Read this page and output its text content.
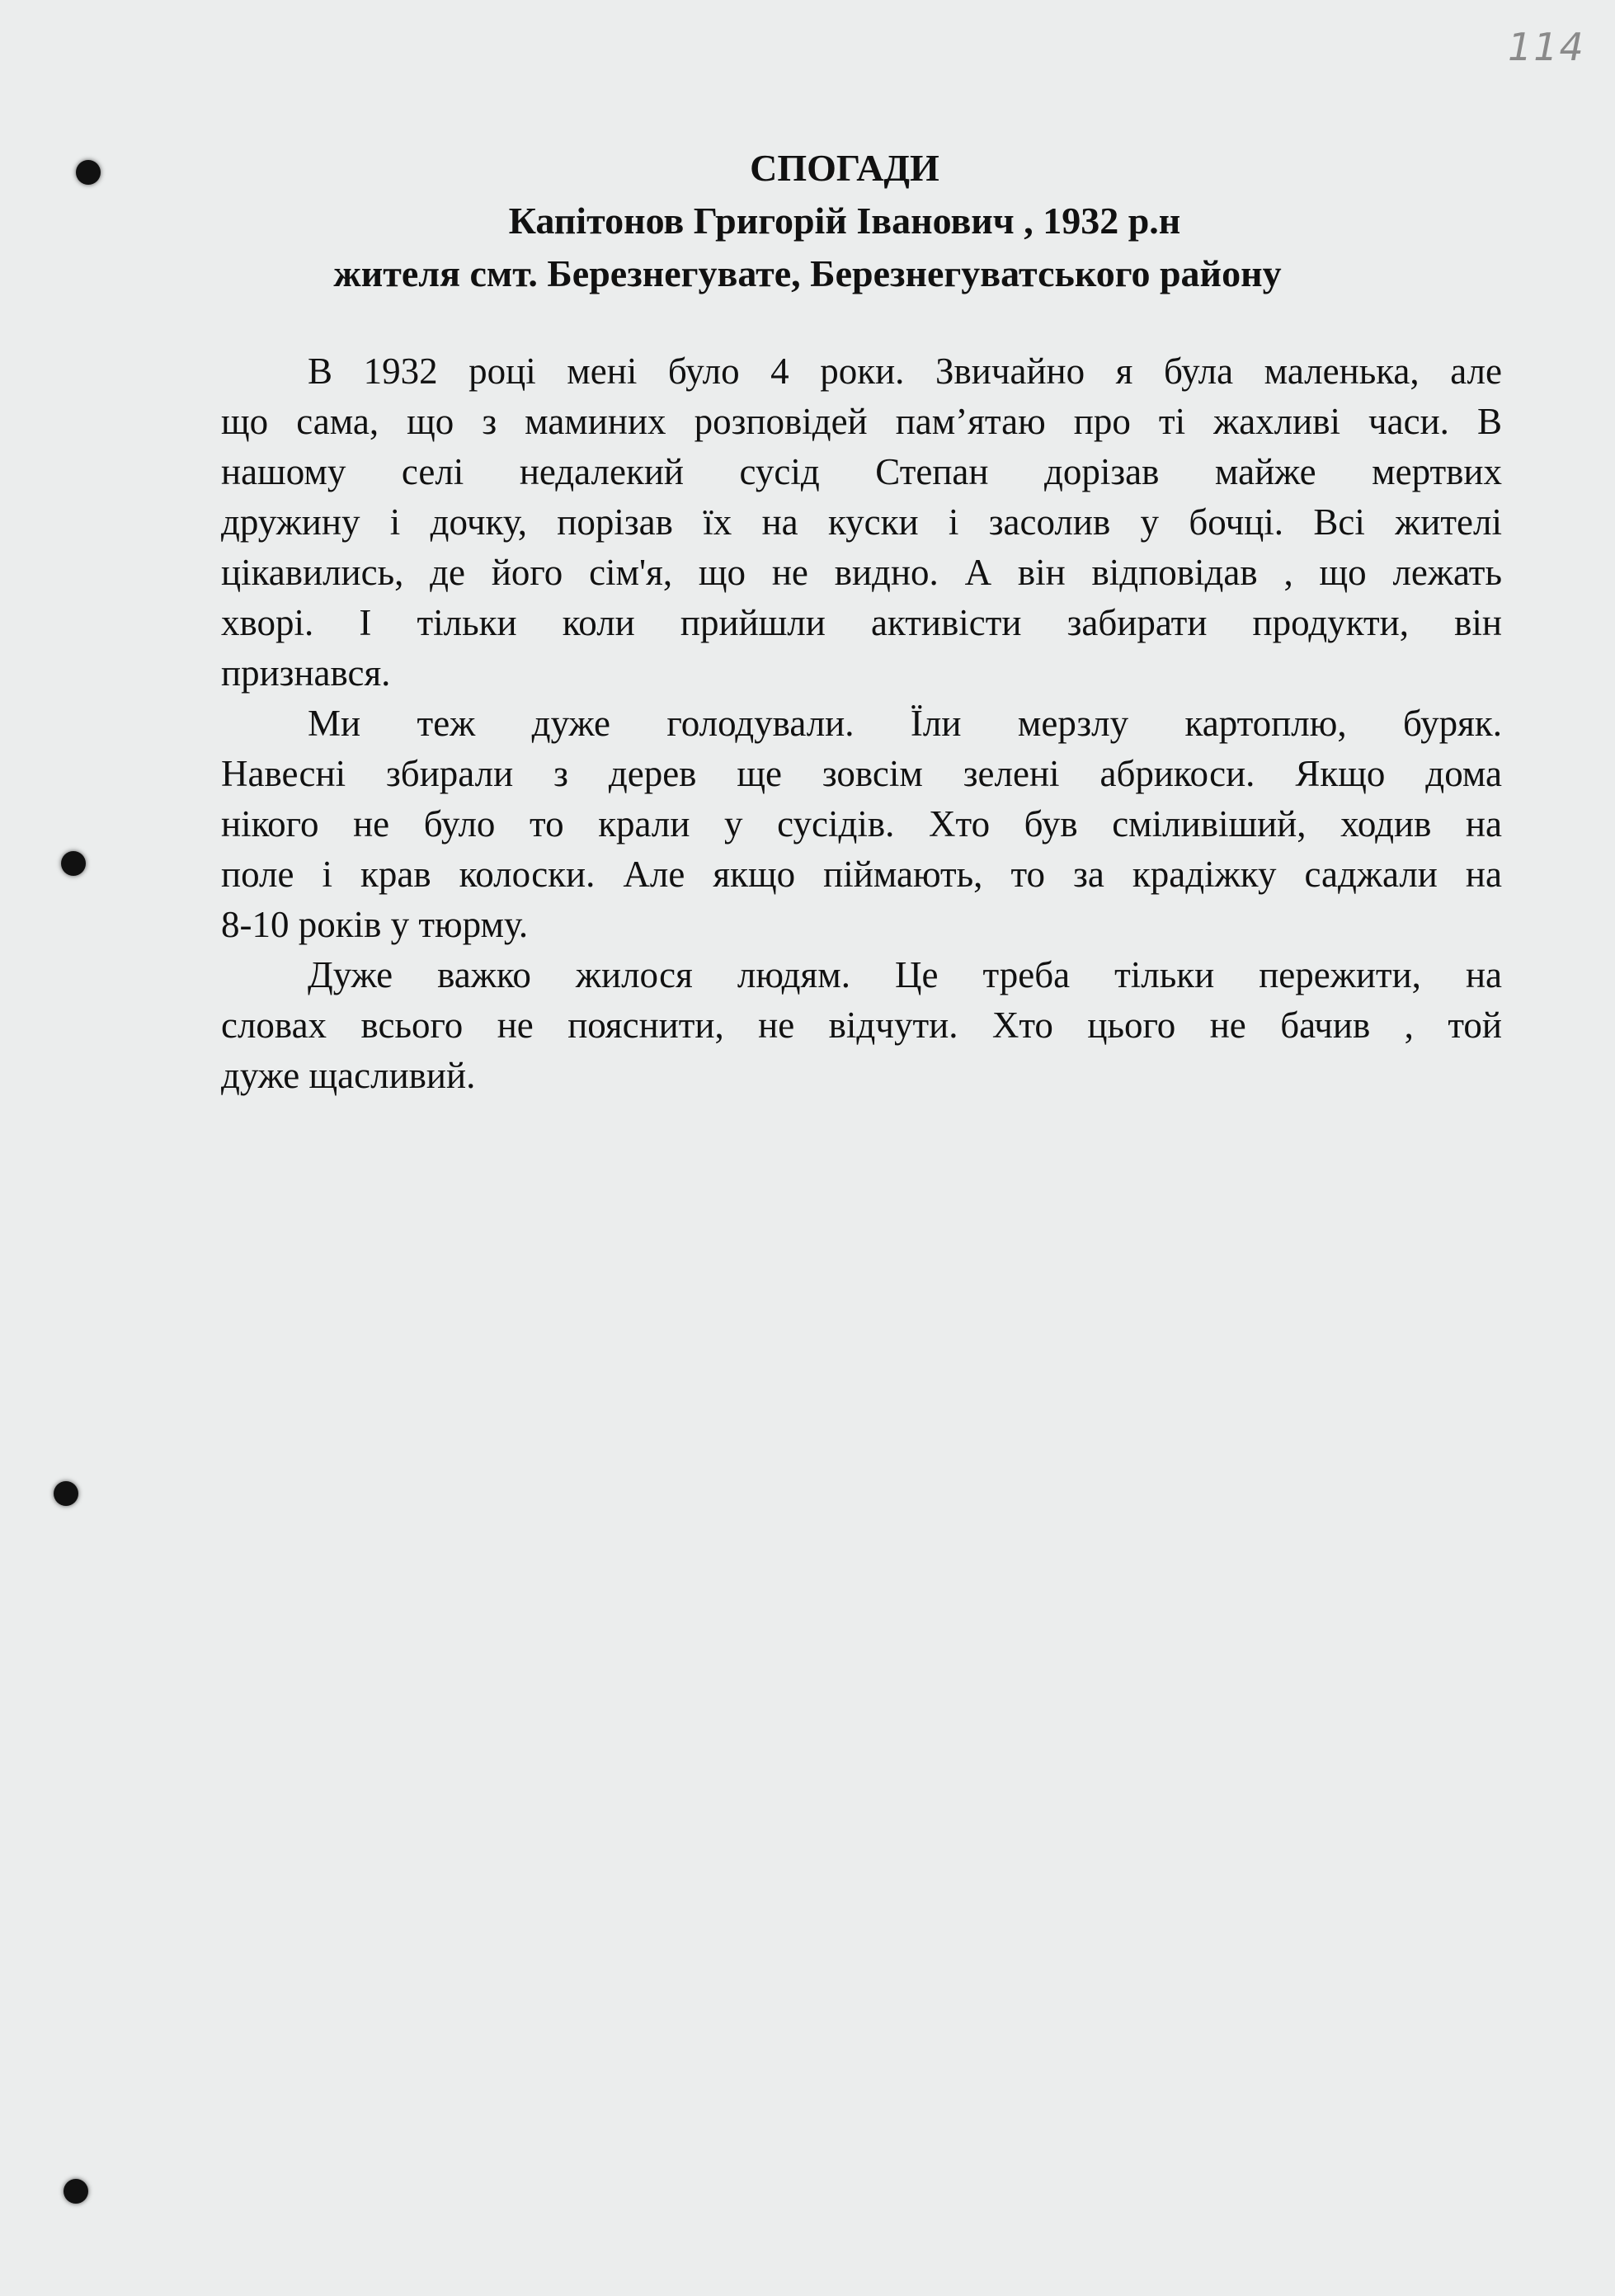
114
СПОГАДИ
Капітонов Григорій Іванович , 1932 р.н
жителя смт. Березнегувате, Березнегуватського району
В 1932 році мені було 4 роки. Звичайно я була маленька, але
що сама, що з маминих розповідей пам’ятаю про ті жахливі часи. В
нашому селі недалекий сусід Степан дорізав майже мертвих
дружину і дочку, порізав їх на куски і засолив у бочці. Всі жителі
цікавились, де його сім'я, що не видно. А він відповідав , що лежать
хворі. І тільки коли прийшли активісти забирати продукти, він
признався.
Ми теж дуже голодували. Їли мерзлу картоплю, буряк.
Навесні збирали з дерев ще зовсім зелені абрикоси. Якщо дома
нікого не було то крали у сусідів. Хто був сміливіший, ходив на
поле і крав колоски. Але якщо піймають, то за крадіжку саджали на
8-10 років у тюрму.
Дуже важко жилося людям. Це треба тільки пережити, на
словах всього не пояснити, не відчути. Хто цього не бачив , той
дуже щасливий.
